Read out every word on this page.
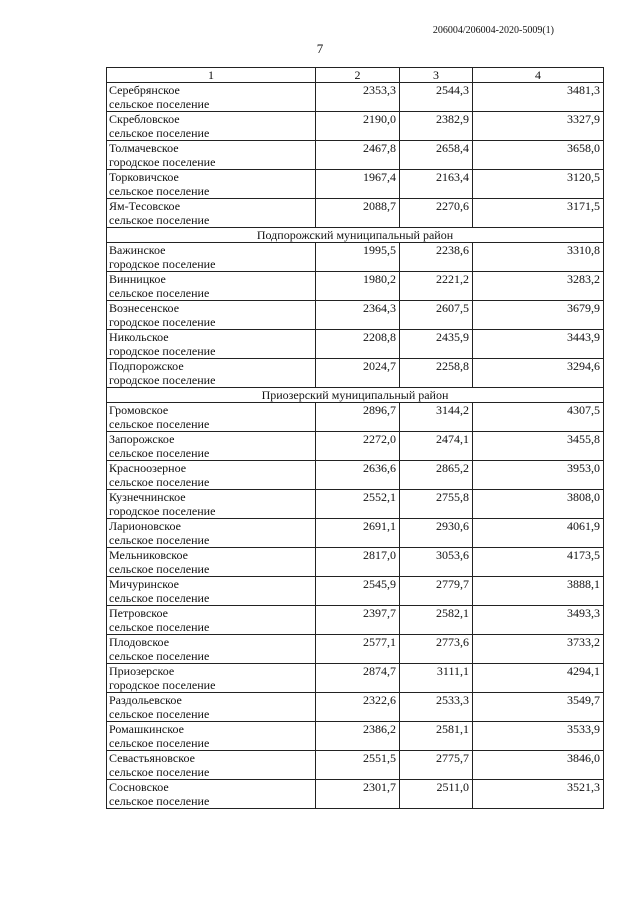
206004/206004-2020-5009(1)
7
1	2	3	4

Серебрянское
сельское поселение	2353,3	2544,3	3481,3

Скребловское
сельское поселение	2190,0	2382,9	3327,9

Толмачевское
городское поселение	2467,8	2658,4	3658,0

Торковичское
сельское поселение	1967,4	2163,4	3120,5

Ям-Тесовское
сельское поселение	2088,7	2270,6	3171,5
Подпорожский муниципальный район			

Важинское
городское поселение	1995,5	2238,6	3310,8

Винницкое
сельское поселение	1980,2	2221,2	3283,2

Вознесенское
городское поселение	2364,3	2607,5	3679,9

Никольское
городское поселение	2208,8	2435,9	3443,9

Подпорожское
городское поселение	2024,7	2258,8	3294,6
Приозерский муниципальный район			

Громовское
сельское поселение	2896,7	3144,2	4307,5

Запорожское
сельское поселение	2272,0	2474,1	3455,8

Красноозерное
сельское поселение	2636,6	2865,2	3953,0

Кузнечнинское
городское поселение	2552,1	2755,8	3808,0

Ларионовское
сельское поселение	2691,1	2930,6	4061,9

Мельниковское
сельское поселение	2817,0	3053,6	4173,5

Мичуринское
сельское поселение	2545,9	2779,7	3888,1

Петровское
сельское поселение	2397,7	2582,1	3493,3

Плодовское
сельское поселение	2577,1	2773,6	3733,2

Приозерское
городское поселение	2874,7	3111,1	4294,1

Раздольевское
сельское поселение	2322,6	2533,3	3549,7

Ромашкинское
сельское поселение	2386,2	2581,1	3533,9

Севастьяновское
сельское поселение	2551,5	2775,7	3846,0

Сосновское
сельское поселение	2301,7	2511,0	3521,3
